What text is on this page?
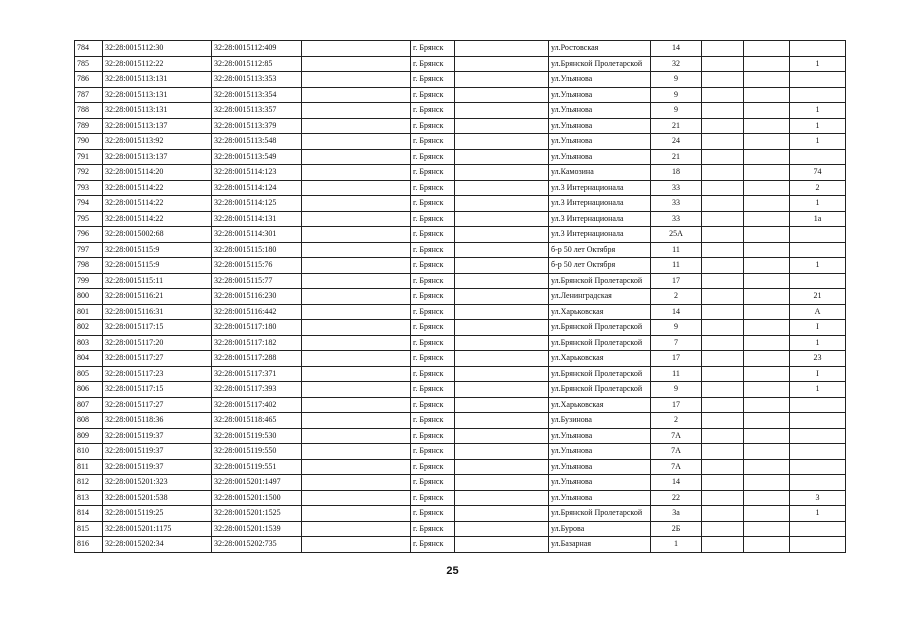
784	32:28:0015112:30	32:28:0015112:409		г. Брянск		ул.Ростовская	14			
785	32:28:0015112:22	32:28:0015112:85		г. Брянск		ул.Брянской Пролетарской	32			1
786	32:28:0015113:131	32:28:0015113:353		г. Брянск		ул.Ульянова	9			
787	32:28:0015113:131	32:28:0015113:354		г. Брянск		ул.Ульянова	9			
788	32:28:0015113:131	32:28:0015113:357		г. Брянск		ул.Ульянова	9			1
789	32:28:0015113:137	32:28:0015113:379		г. Брянск		ул.Ульянова	21			1
790	32:28:0015113:92	32:28:0015113:548		г. Брянск		ул.Ульянова	24			1
791	32:28:0015113:137	32:28:0015113:549		г. Брянск		ул.Ульянова	21			
792	32:28:0015114:20	32:28:0015114:123		г. Брянск		ул.Камозина	18			74
793	32:28:0015114:22	32:28:0015114:124		г. Брянск		ул.3 Интернационала	33			2
794	32:28:0015114:22	32:28:0015114:125		г. Брянск		ул.3 Интернационала	33			1
795	32:28:0015114:22	32:28:0015114:131		г. Брянск		ул.3 Интернационала	33			1а
796	32:28:0015002:68	32:28:0015114:301		г. Брянск		ул.3 Интернационала	25А			
797	32:28:0015115:9	32:28:0015115:180		г. Брянск		б-р 50 лет Октября	11			
798	32:28:0015115:9	32:28:0015115:76		г. Брянск		б-р 50 лет Октября	11			1
799	32:28:0015115:11	32:28:0015115:77		г. Брянск		ул.Брянской Пролетарской	17			
800	32:28:0015116:21	32:28:0015116:230		г. Брянск		ул.Ленинградская	2			21
801	32:28:0015116:31	32:28:0015116:442		г. Брянск		ул.Харьковская	14			А
802	32:28:0015117:15	32:28:0015117:180		г. Брянск		ул.Брянской Пролетарской	9			I
803	32:28:0015117:20	32:28:0015117:182		г. Брянск		ул.Брянской Пролетарской	7			1
804	32:28:0015117:27	32:28:0015117:288		г. Брянск		ул.Харьковская	17			23
805	32:28:0015117:23	32:28:0015117:371		г. Брянск		ул.Брянской Пролетарской	11			I
806	32:28:0015117:15	32:28:0015117:393		г. Брянск		ул.Брянской Пролетарской	9			1
807	32:28:0015117:27	32:28:0015117:402		г. Брянск		ул.Харьковская	17			
808	32:28:0015118:36	32:28:0015118:465		г. Брянск		ул.Бузинова	2			
809	32:28:0015119:37	32:28:0015119:530		г. Брянск		ул.Ульянова	7А			
810	32:28:0015119:37	32:28:0015119:550		г. Брянск		ул.Ульянова	7А			
811	32:28:0015119:37	32:28:0015119:551		г. Брянск		ул.Ульянова	7А			
812	32:28:0015201:323	32:28:0015201:1497		г. Брянск		ул.Ульянова	14			
813	32:28:0015201:538	32:28:0015201:1500		г. Брянск		ул.Ульянова	22			3
814	32:28:0015119:25	32:28:0015201:1525		г. Брянск		ул.Брянской Пролетарской	3а			1
815	32:28:0015201:1175	32:28:0015201:1539		г. Брянск		ул.Бурова	2Б			
816	32:28:0015202:34	32:28:0015202:735		г. Брянск		ул.Базарная	1			
25
